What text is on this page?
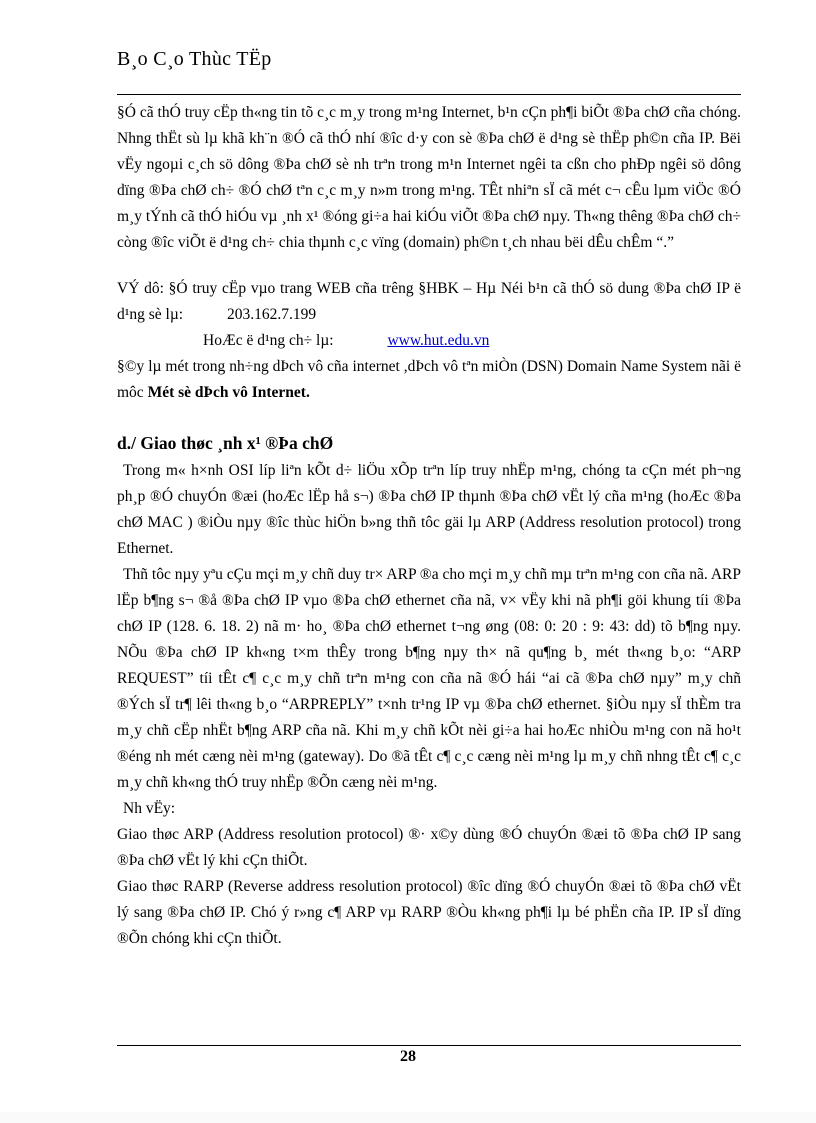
B¸o C¸o Thùc TËp

§Ó cã thÓ truy cËp th«ng tin tõ c¸c m¸y trong m¹ng Internet, b¹n cÇn ph¶i biÕt ®Þa chØ cña chóng. Nhng thËt sù lµ khã kh¨n ®Ó cã thÓ nhí ®îc d·y con sè ®Þa chØ ë d¹ng sè thËp ph©n cña IP. Bëi vËy ngoµi c¸ch sö dông ®Þa chØ sè nh trªn trong m¹n Internet ngêi ta cßn cho phÐp ngêi sö dông dïng ®Þa chØ ch÷ ®Ó chØ tªn c¸c m¸y n»m trong m¹ng. TÊt nhiªn sÏ cã mét c¬ cÊu lµm viÖc ®Ó m¸y tÝnh cã thÓ hiÓu vµ ¸nh x¹ ®óng gi÷a hai kiÓu viÕt ®Þa chØ nµy. Th«ng thêng ®Þa chØ ch÷ còng ®îc viÕt ë d¹ng ch÷ chia thµnh c¸c vïng (domain) ph©n t¸ch nhau bëi dÊu chÊm “.”

VÝ dô: §Ó truy cËp vµo trang WEB cña trêng §HBK – Hµ Néi b¹n cã thÓ sö dung ®Þa chØ IP ë d¹ng sè lµ:	203.162.7.199

HoÆc ë d¹ng ch÷ lµ:	www.hut.edu.vn

§©y lµ mét trong nh÷ng dÞch vô cña internet ,dÞch vô tªn miÒn (DSN) Domain Name System nãi ë môc Mét sè dÞch vô Internet.

d./ Giao thøc ¸nh x¹ ®Þa chØ

Trong m« h×nh OSI líp liªn kÕt d÷ liÖu xÕp trªn líp truy nhËp m¹ng, chóng ta cÇn mét ph¬ng ph¸p ®Ó chuyÓn ®æi (hoÆc lËp hå s¬) ®Þa chØ IP thµnh ®Þa chØ vËt lý cña m¹ng (hoÆc ®Þa chØ MAC ) ®iÒu nµy ®îc thùc hiÖn b»ng thñ tôc gäi lµ ARP (Address resolution protocol) trong Ethernet.

Thñ tôc nµy yªu cÇu mçi m¸y chñ duy tr× ARP ®a cho mçi m¸y chñ mµ trªn m¹ng con cña nã. ARP lËp b¶ng s¬ ®å ®Þa chØ IP vµo ®Þa chØ ethernet cña nã, v× vËy khi nã ph¶i göi khung tíi ®Þa chØ IP (128. 6. 18. 2) nã m· ho¸ ®Þa chØ ethernet t¬ng øng (08: 0: 20 : 9: 43: dd) tõ b¶ng nµy. NÕu ®Þa chØ IP kh«ng t×m thÊy trong b¶ng nµy th× nã qu¶ng b¸ mét th«ng b¸o: “ARP REQUEST” tíi tÊt c¶ c¸c m¸y chñ trªn m¹ng con cña nã ®Ó hái “ai cã ®Þa chØ nµy” m¸y chñ ®Ých sÏ tr¶ lêi th«ng b¸o “ARPREPLY” t×nh tr¹ng IP vµ ®Þa chØ ethernet. §iÒu nµy sÏ thÈm tra m¸y chñ cËp nhËt b¶ng ARP cña nã. Khi m¸y chñ kÕt nèi gi÷a hai hoÆc nhiÒu m¹ng con nã ho¹t ®éng nh mét cæng nèi m¹ng (gateway). Do ®ã tÊt c¶ c¸c cæng nèi m¹ng lµ m¸y chñ nhng tÊt c¶ c¸c m¸y chñ kh«ng thÓ truy nhËp ®Õn cæng nèi m¹ng.

Nh vËy:

Giao thøc ARP (Address resolution protocol) ®· x©y dùng ®Ó chuyÓn ®æi tõ ®Þa chØ IP sang ®Þa chØ vËt lý khi cÇn thiÕt.

Giao thøc RARP (Reverse address resolution protocol) ®îc dïng ®Ó chuyÓn ®æi tõ ®Þa chØ vËt lý sang ®Þa chØ IP. Chó ý r»ng c¶ ARP vµ RARP ®Òu kh«ng ph¶i lµ bé phËn cña IP. IP sÏ dïng ®Õn chóng khi cÇn thiÕt.

28
